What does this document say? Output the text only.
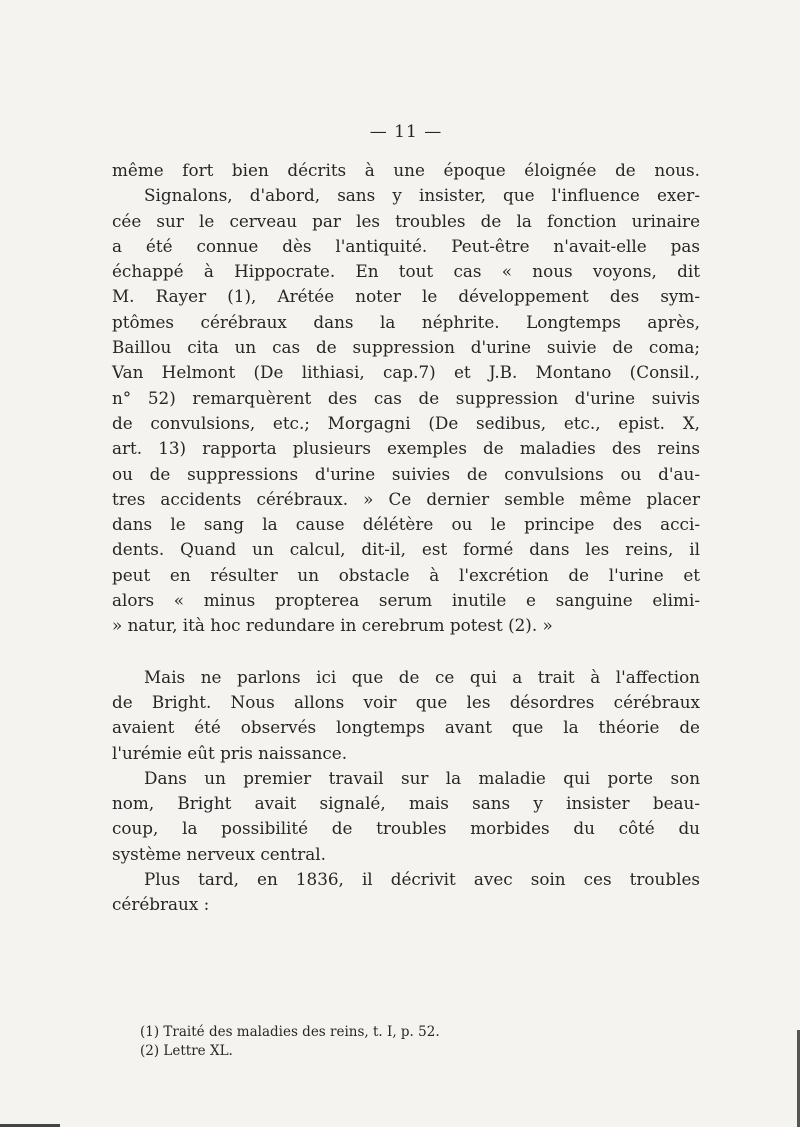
— 11 —
même fort bien décrits à une époque éloignée de nous.
Signalons, d'abord, sans y insister, que l'influence exer-
cée sur le cerveau par les troubles de la fonction urinaire
a été connue dès l'antiquité. Peut-être n'avait-elle pas
échappé à Hippocrate. En tout cas « nous voyons, dit
M. Rayer (1), Arétée noter le développement des sym-
ptômes cérébraux dans la néphrite. Longtemps après,
Baillou cita un cas de suppression d'urine suivie de coma;
Van Helmont (De lithiasi, cap.7) et J.B. Montano (Consil.,
n° 52) remarquèrent des cas de suppression d'urine suivis
de convulsions, etc.; Morgagni (De sedibus, etc., epist. X,
art. 13) rapporta plusieurs exemples de maladies des reins
ou de suppressions d'urine suivies de convulsions ou d'au-
tres accidents cérébraux. » Ce dernier semble même placer
dans le sang la cause délétère ou le principe des acci-
dents. Quand un calcul, dit-il, est formé dans les reins, il
peut en résulter un obstacle à l'excrétion de l'urine et
alors « minus propterea serum inutile e sanguine elimi-
» natur, ità hoc redundare in cerebrum potest (2). »
Mais ne parlons ici que de ce qui a trait à l'affection
de Bright. Nous allons voir que les désordres cérébraux
avaient été observés longtemps avant que la théorie de
l'urémie eût pris naissance.
Dans un premier travail sur la maladie qui porte son
nom, Bright avait signalé, mais sans y insister beau-
coup, la possibilité de troubles morbides du côté du
système nerveux central.
Plus tard, en 1836, il décrivit avec soin ces troubles
cérébraux :
(1) Traité des maladies des reins, t. I, p. 52.
(2) Lettre XL.
